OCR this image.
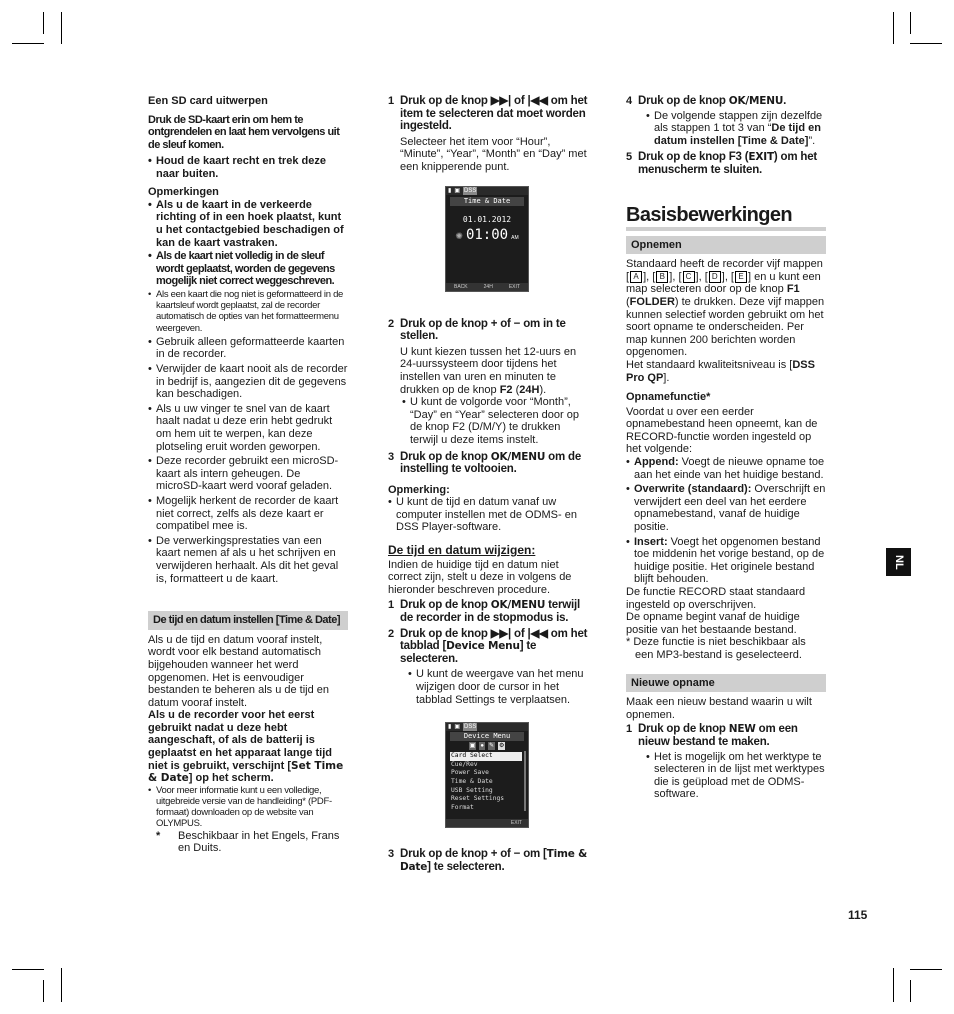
Een SD card uitwerpen

Druk de SD-kaart erin om hem te ontgrendelen en laat hem vervolgens uit de sleuf komen.

• Houd de kaart recht en trek deze naar buiten.

Opmerkingen

• Als u de kaart in de verkeerde richting of in een hoek plaatst, kunt u het contactgebied beschadigen of kan de kaart vastraken.
• Als de kaart niet volledig in de sleuf wordt geplaatst, worden de gegevens mogelijk niet correct weggeschreven.
• Als een kaart die nog niet is geformatteerd in de kaartsleuf wordt geplaatst, zal de recorder automatisch de opties van het formatteermenu weergeven.
• Gebruik alleen geformatteerde kaarten in de recorder.
• Verwijder de kaart nooit als de recorder in bedrijf is, aangezien dit de gegevens kan beschadigen.
• Als u uw vinger te snel van de kaart haalt nadat u deze erin hebt gedrukt om hem uit te werpen, kan deze plotseling eruit worden geworpen.
• Deze recorder gebruikt een microSD-kaart als intern geheugen. De microSD-kaart werd vooraf geladen.
• Mogelijk herkent de recorder de kaart niet correct, zelfs als deze kaart er compatibel mee is.
• De verwerkingsprestaties van een kaart nemen af als u het schrijven en verwijderen herhaalt. Als dit het geval is, formatteert u de kaart.
De tijd en datum instellen [Time & Date]

Als u de tijd en datum vooraf instelt, wordt voor elk bestand automatisch bijgehouden wanneer het werd opgenomen. Het is eenvoudiger bestanden te beheren als u de tijd en datum vooraf instelt.

Als u de recorder voor het eerst gebruikt nadat u deze hebt aangeschaft, of als de batterij is geplaatst en het apparaat lange tijd niet is gebruikt, verschijnt [Set Time & Date] op het scherm.

• Voor meer informatie kunt u een volledige, uitgebreide versie van de handleiding* (PDF-formaat) downloaden op de website van OLYMPUS.
* Beschikbaar in het Engels, Frans en Duits.
1 Druk op de knop ▶▶| of |◀◀ om het item te selecteren dat moet worden ingesteld.

Selecteer het item voor “Hour”, “Minute”, “Year”, “Month” en “Day” met een knipperende punt.

▮ ▣ DSS
Time & Date
01.01.2012
✺ 01:00 AM
BACK	24H	EXIT
2 Druk op de knop + of − om in te stellen.

U kunt kiezen tussen het 12-uurs en 24-uurssysteem door tijdens het instellen van uren en minuten te drukken op de knop F2 (24H).

• U kunt de volgorde voor “Month”, “Day” en “Year” selecteren door op de knop F2 (D/M/Y) te drukken terwijl u deze items instelt.
3 Druk op de knop OK/MENU om de instelling te voltooien.

Opmerking:

• U kunt de tijd en datum vanaf uw computer instellen met de ODMS- en DSS Player-software.

De tijd en datum wijzigen:

Indien de huidige tijd en datum niet correct zijn, stelt u deze in volgens de hieronder beschreven procedure.

1 Druk op de knop OK/MENU terwijl de recorder in de stopmodus is.

2 Druk op de knop ▶▶| of |◀◀ om het tabblad [Device Menu] te selecteren.

• U kunt de weergave van het menu wijzigen door de cursor in het tabblad Settings te verplaatsen.
▮ ▣ DSS
Device Menu
▣ ● ✎ ⚙
Card Select
Cue/Rev
Power Save
Time & Date
USB Setting
Reset Settings
Format
EXIT
3 Druk op de knop + of − om [Time & Date] te selecteren.

4 Druk op de knop OK/MENU.

• De volgende stappen zijn dezelfde als stappen 1 tot 3 van “De tijd en datum instellen [Time & Date]”.
5 Druk op de knop F3 (EXIT) om het menuscherm te sluiten.

Basisbewerkingen

Opnemen

Standaard heeft de recorder vijf mappen [ A ], [ B ], [ C ], [ D ], [ E ] en u kunt een map selecteren door op de knop F1 (FOLDER) te drukken. Deze vijf mappen kunnen selectief worden gebruikt om het soort opname te onderscheiden. Per map kunnen 200 berichten worden opgenomen.

Het standaard kwaliteitsniveau is [DSS Pro QP].

Opnamefunctie*

Voordat u over een eerder opnamebestand heen opneemt, kan de RECORD-functie worden ingesteld op het volgende:

• Append: Voegt de nieuwe opname toe aan het einde van het huidige bestand.
• Overwrite (standaard): Overschrijft en verwijdert een deel van het eerdere opnamebestand, vanaf de huidige positie.
• Insert: Voegt het opgenomen bestand toe middenin het vorige bestand, op de huidige positie. Het originele bestand blijft behouden.

De functie RECORD staat standaard ingesteld op overschrijven.

De opname begint vanaf de huidige positie van het bestaande bestand.

* Deze functie is niet beschikbaar als een MP3-bestand is geselecteerd.

Nieuwe opname

Maak een nieuw bestand waarin u wilt opnemen.

1 Druk op de knop NEW om een nieuw bestand te maken.

• Het is mogelijk om het werktype te selecteren in de lijst met werktypes die is geüpload met de ODMS-software.
NL
115
